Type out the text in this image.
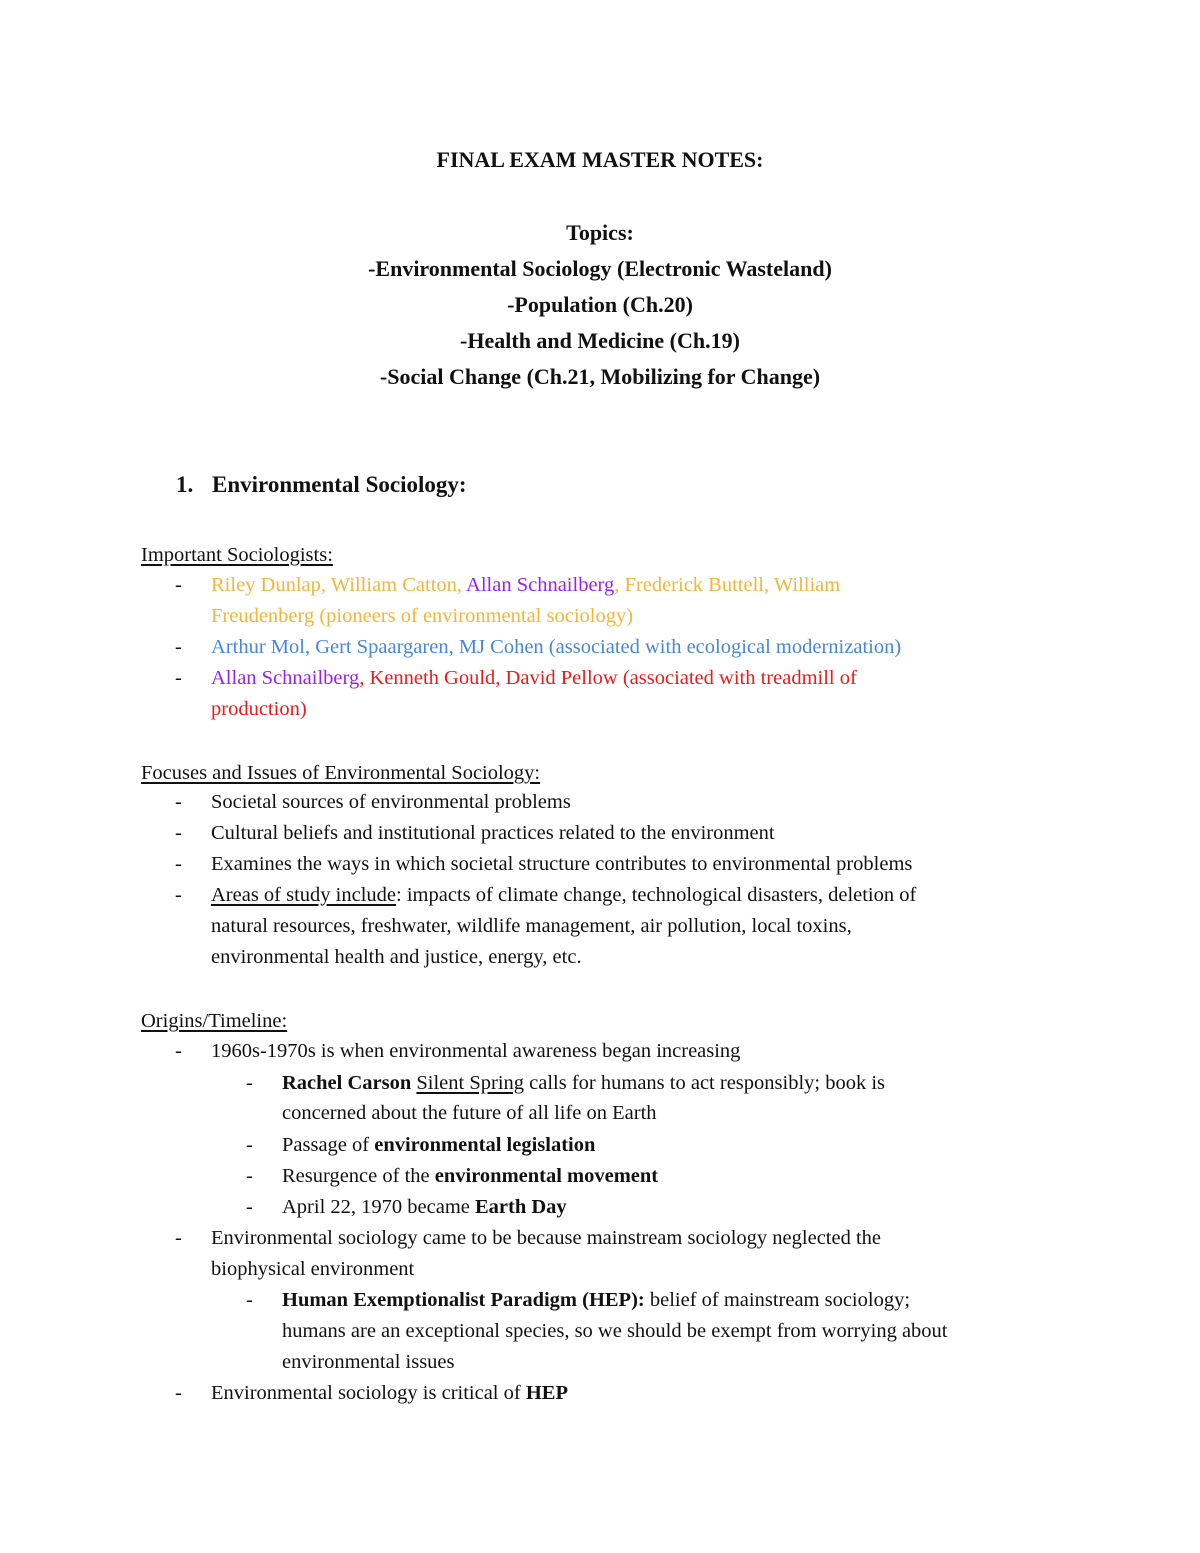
FINAL EXAM MASTER NOTES:
Topics:
-Environmental Sociology (Electronic Wasteland)
-Population (Ch.20)
-Health and Medicine (Ch.19)
-Social Change (Ch.21, Mobilizing for Change)
1. Environmental Sociology:
Important Sociologists:
- Riley Dunlap, William Catton, Allan Schnailberg, Frederick Buttell, William
Freudenberg (pioneers of environmental sociology)
- Arthur Mol, Gert Spaargaren, MJ Cohen (associated with ecological modernization)
- Allan Schnailberg, Kenneth Gould, David Pellow (associated with treadmill of
production)
Focuses and Issues of Environmental Sociology:
- Societal sources of environmental problems
- Cultural beliefs and institutional practices related to the environment
- Examines the ways in which societal structure contributes to environmental problems
- Areas of study include: impacts of climate change, technological disasters, deletion of
natural resources, freshwater, wildlife management, air pollution, local toxins,
environmental health and justice, energy, etc.
Origins/Timeline:
- 1960s-1970s is when environmental awareness began increasing
- Rachel Carson Silent Spring calls for humans to act responsibly; book is
concerned about the future of all life on Earth
- Passage of environmental legislation
- Resurgence of the environmental movement
- April 22, 1970 became Earth Day
- Environmental sociology came to be because mainstream sociology neglected the
biophysical environment
- Human Exemptionalist Paradigm (HEP): belief of mainstream sociology;
humans are an exceptional species, so we should be exempt from worrying about
environmental issues
- Environmental sociology is critical of HEP
